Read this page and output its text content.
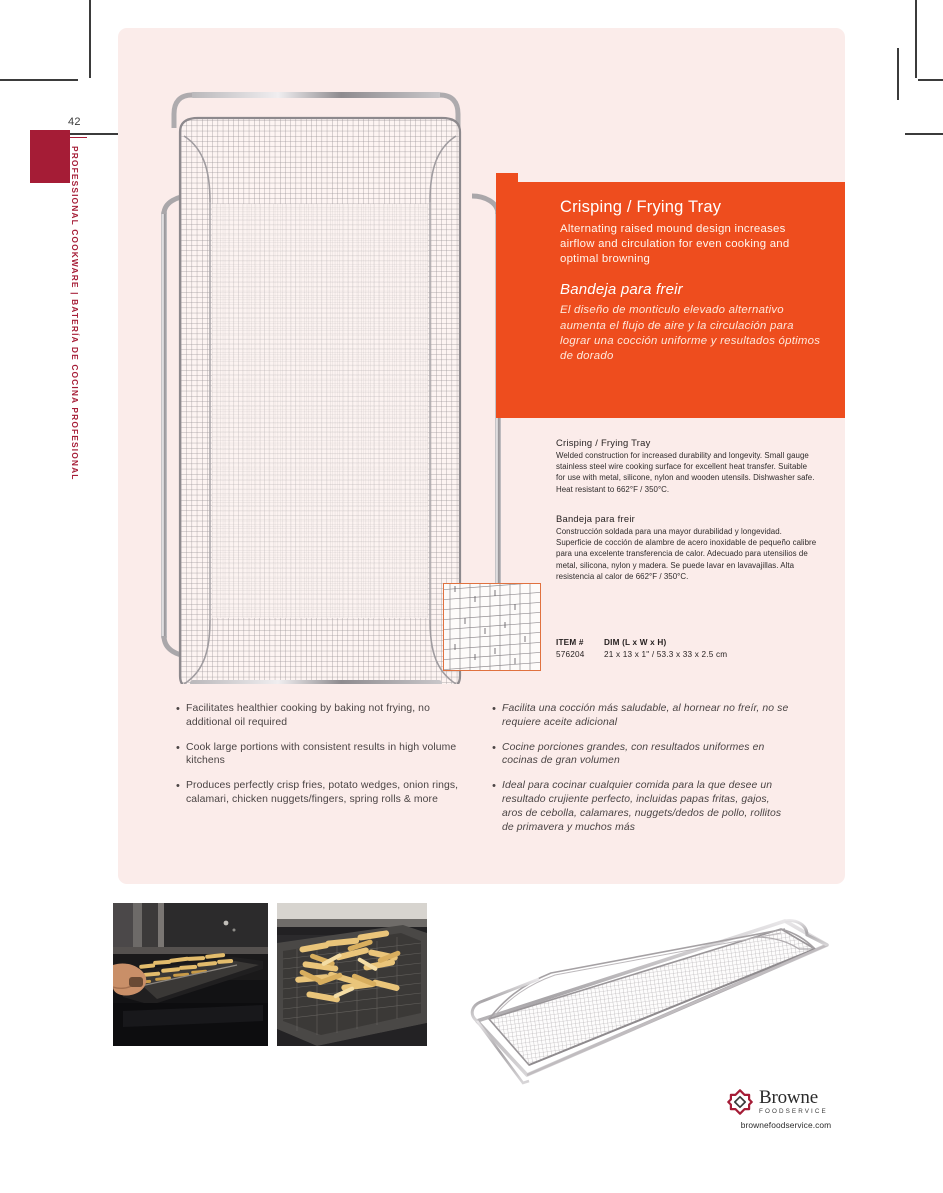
42
PROFESSIONAL COOKWARE | BATERÍA DE COCINA PROFESIONAL	Crisping / Frying Tray

Alternating raised mound design increases airflow and circulation for even cooking and optimal browning

Bandeja para freir

El diseño de monticulo elevado alternativo aumenta el flujo de aire y la circulación para lograr una cocción uniforme y resultados óptimos de dorado

Crisping / Frying Tray

Welded construction for increased durability and longevity. Small gauge stainless steel wire cooking surface for excellent heat transfer. Suitable for use with metal, silicone, nylon and wooden utensils. Dishwasher safe. Heat resistant to 662°F / 350°C.

Bandeja para freir

Construcción soldada para una mayor durabilidad y longevidad. Superficie de cocción de alambre de acero inoxidable de pequeño calibre para una excelente transferencia de calor. Adecuado para utensilios de metal, silicona, nylon y madera. Se puede lavar en lavavajillas. Alta resistencia al calor de 662°F / 350°C.

ITEM #	DIM (L x W x H)
576204	21 x 13 x 1" / 53.3 x 33 x 2.5 cm
• Facilitates healthier cooking by baking not frying, no additional oil required
• Cook large portions with consistent results in high volume kitchens
• Produces perfectly crisp fries, potato wedges, onion rings, calamari, chicken nuggets/fingers, spring rolls & more
• Facilita una cocción más saludable, al hornear no freír, no se requiere aceite adicional
• Cocine porciones grandes, con resultados uniformes en cocinas de gran volumen
• Ideal para cocinar cualquier comida para la que desee un resultado crujiente perfecto, incluidas papas fritas, gajos, aros de cebolla, calamares, nuggets/dedos de pollo, rollitos de primavera y muchos más
Browne
FOODSERVICE
brownefoodservice.com
